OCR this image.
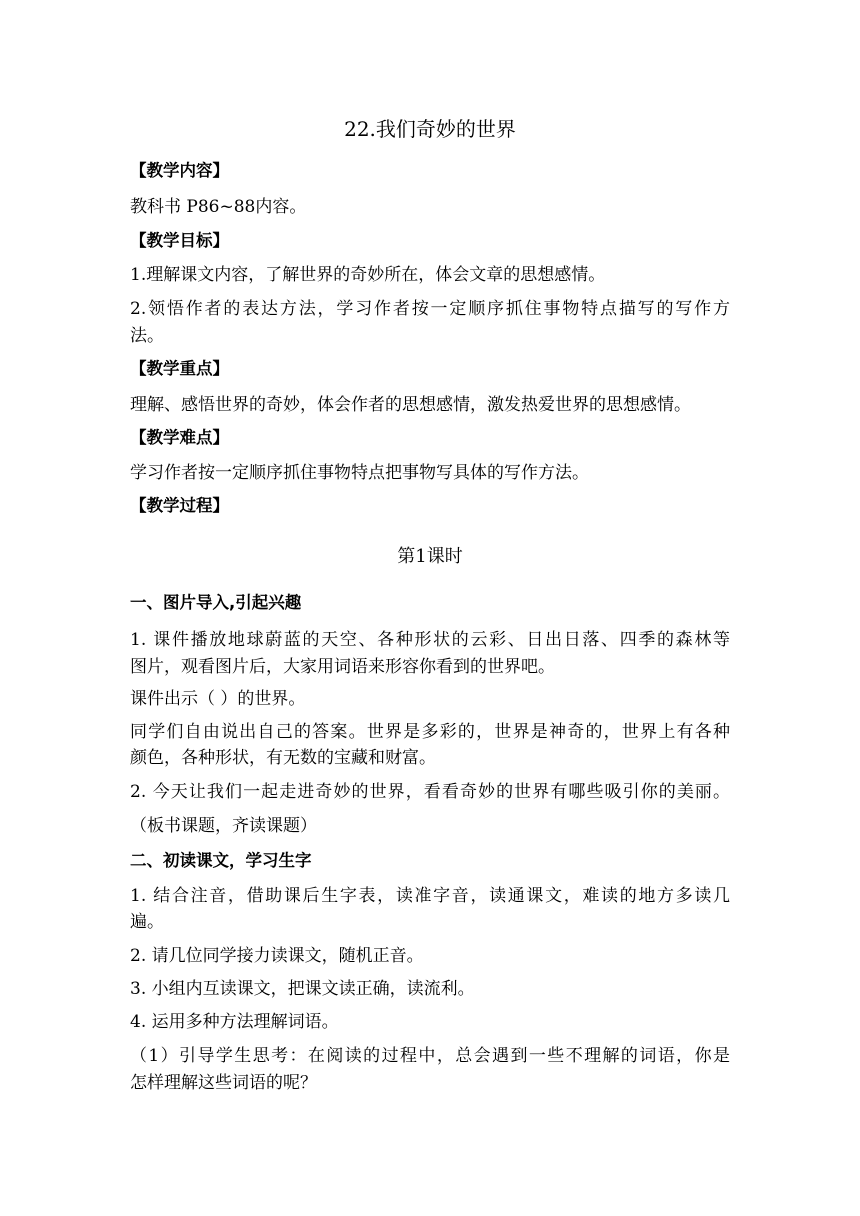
22.我们奇妙的世界
【教学内容】
教科书 P86~88内容。
【教学目标】
1.理解课文内容，了解世界的奇妙所在，体会文章的思想感情。
2.领悟作者的表达方法，学习作者按一定顺序抓住事物特点描写的写作方
法。
【教学重点】
理解、感悟世界的奇妙，体会作者的思想感情，激发热爱世界的思想感情。
【教学难点】
学习作者按一定顺序抓住事物特点把事物写具体的写作方法。
【教学过程】
第1课时
一、图片导入,引起兴趣
1. 课件播放地球蔚蓝的天空、各种形状的云彩、日出日落、四季的森林等
图片，观看图片后，大家用词语来形容你看到的世界吧。
课件出示（ ）的世界。
同学们自由说出自己的答案。世界是多彩的，世界是神奇的，世界上有各种
颜色，各种形状，有无数的宝藏和财富。
2. 今天让我们一起走进奇妙的世界，看看奇妙的世界有哪些吸引你的美丽。
（板书课题，齐读课题）
二、初读课文，学习生字
1. 结合注音，借助课后生字表，读准字音，读通课文，难读的地方多读几
遍。
2. 请几位同学接力读课文，随机正音。
3. 小组内互读课文，把课文读正确，读流利。
4. 运用多种方法理解词语。
（1）引导学生思考：在阅读的过程中，总会遇到一些不理解的词语，你是
怎样理解这些词语的呢？
